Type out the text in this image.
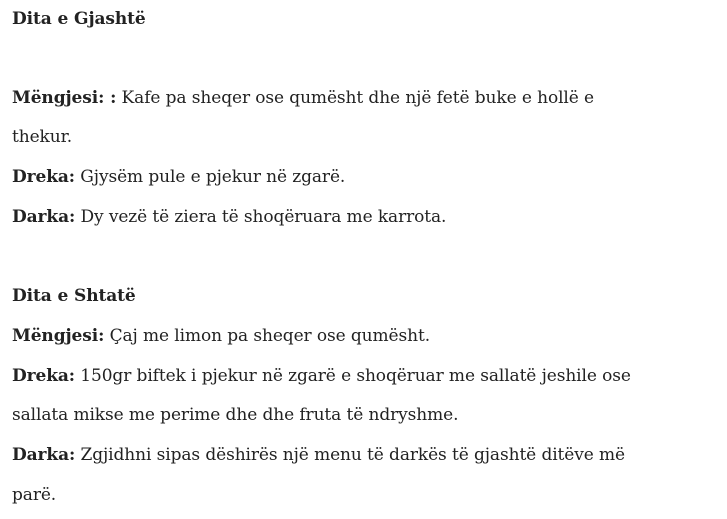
Dita e Gjashtë
Mëngjesi: : Kafe pa sheqer ose qumësht dhe një fetë buke e hollë e
thekur.
Dreka: Gjysëm pule e pjekur në zgarë.
Darka: Dy vezë të ziera të shoqëruara me karrota.
Dita e Shtatë
Mëngjesi: Çaj me limon pa sheqer ose qumësht.
Dreka: 150gr biftek i pjekur në zgarë e shoqëruar me sallatë jeshile ose
sallata mikse me perime dhe dhe fruta të ndryshme.
Darka: Zgjidhni sipas dëshirës një menu të darkës të gjashtë ditëve më
parë.
